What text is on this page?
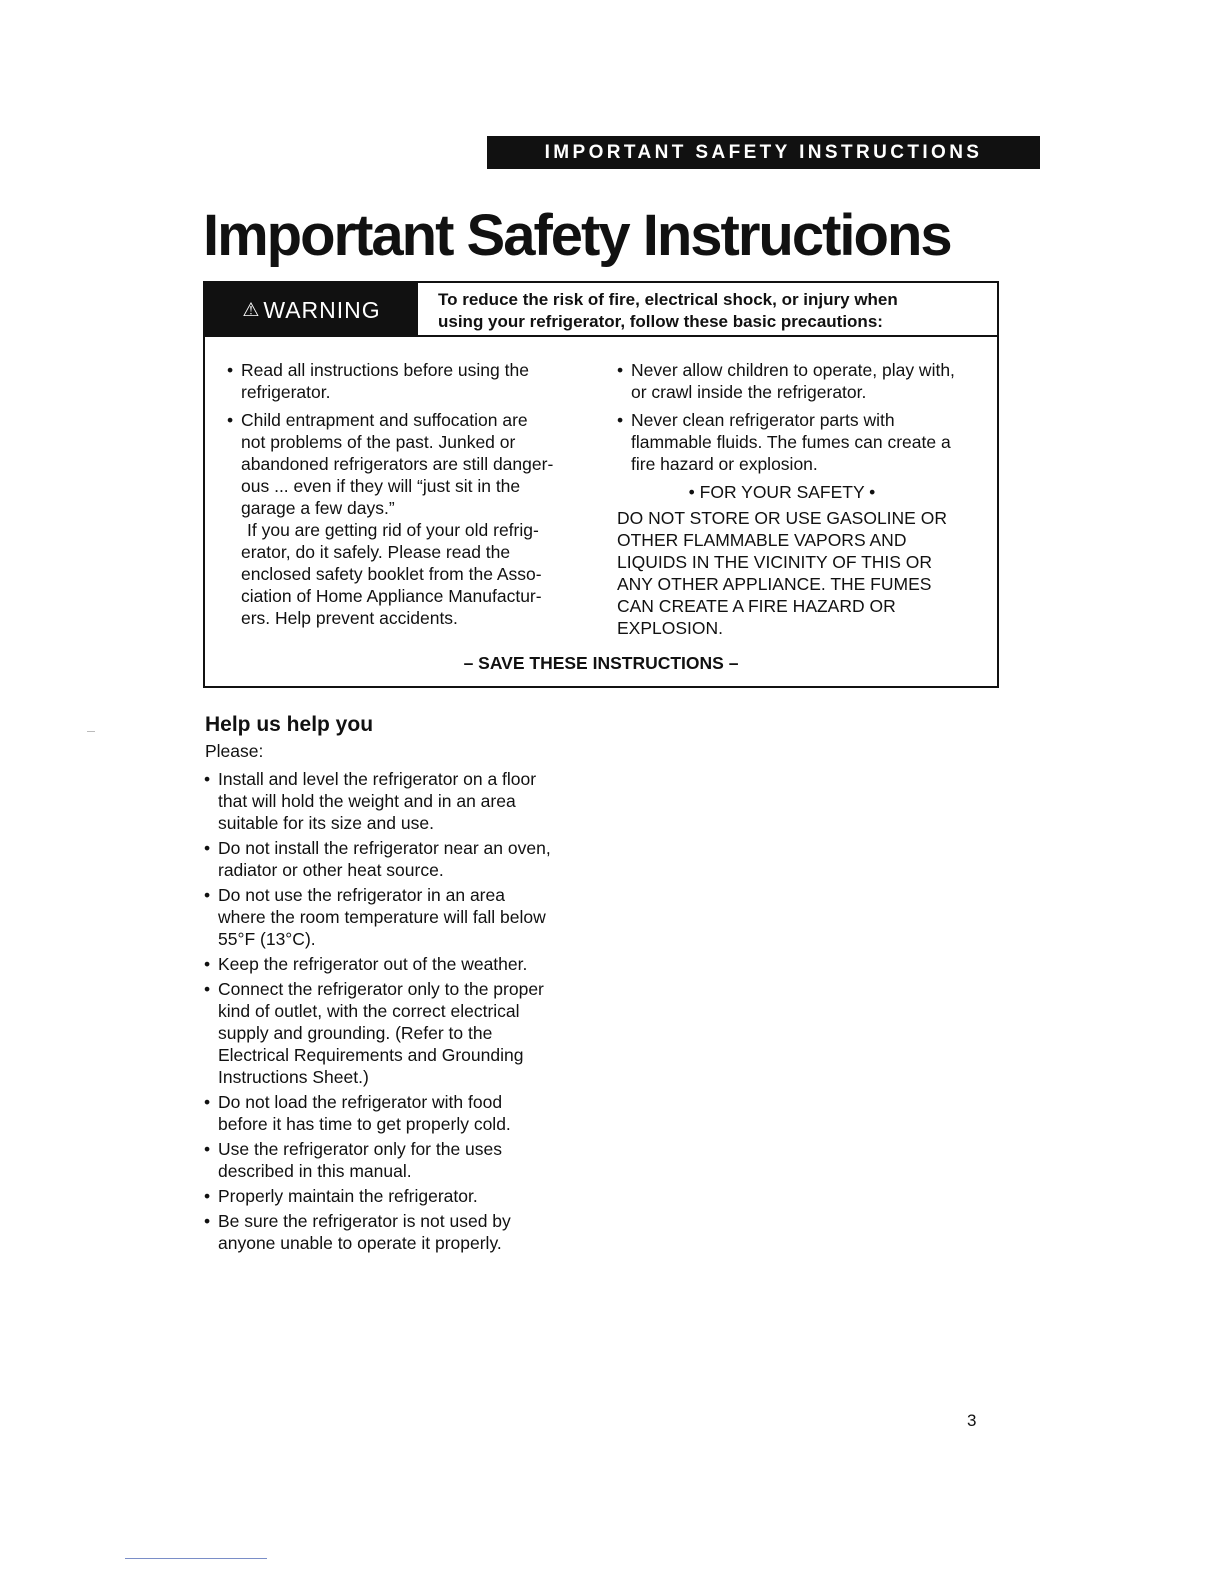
IMPORTANT SAFETY INSTRUCTIONS
Important Safety Instructions
⚠ WARNING	To reduce the risk of fire, electrical shock, or injury when
using your refrigerator, follow these basic precautions:
• Read all instructions before using the
refrigerator.
• Child entrapment and suffocation are
not problems of the past. Junked or
abandoned refrigerators are still danger-
ous ... even if they will “just sit in the
garage a few days.”
If you are getting rid of your old refrig-
erator, do it safely. Please read the
enclosed safety booklet from the Asso-
ciation of Home Appliance Manufactur-
ers. Help prevent accidents.
• Never allow children to operate, play with,
or crawl inside the refrigerator.
• Never clean refrigerator parts with
flammable fluids. The fumes can create a
fire hazard or explosion.
• FOR YOUR SAFETY •
DO NOT STORE OR USE GASOLINE OR
OTHER FLAMMABLE VAPORS AND
LIQUIDS IN THE VICINITY OF THIS OR
ANY OTHER APPLIANCE. THE FUMES
CAN CREATE A FIRE HAZARD OR
EXPLOSION.
– SAVE THESE INSTRUCTIONS –
Help us help you
Please:
• Install and level the refrigerator on a floor
that will hold the weight and in an area
suitable for its size and use.
• Do not install the refrigerator near an oven,
radiator or other heat source.
• Do not use the refrigerator in an area
where the room temperature will fall below
55°F (13°C).
• Keep the refrigerator out of the weather.
• Connect the refrigerator only to the proper
kind of outlet, with the correct electrical
supply and grounding. (Refer to the
Electrical Requirements and Grounding
Instructions Sheet.)
• Do not load the refrigerator with food
before it has time to get properly cold.
• Use the refrigerator only for the uses
described in this manual.
• Properly maintain the refrigerator.
• Be sure the refrigerator is not used by
anyone unable to operate it properly.
3
